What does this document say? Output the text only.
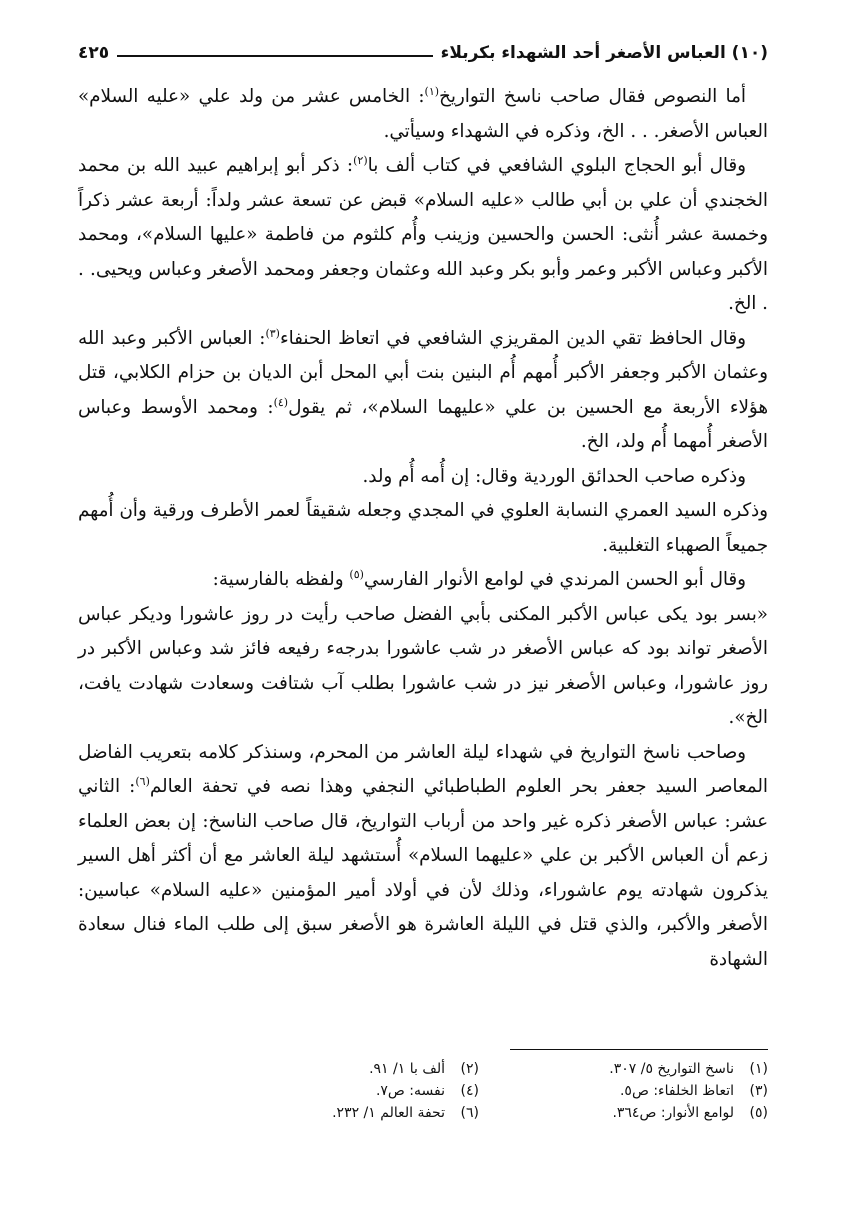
(١٠) العباس الأصغر أحد الشهداء بكربلاء
٤٢٥

أما النصوص فقال صاحب ناسخ التواريخ$^{(١)}$: الخامس عشر من ولد علي «عليه السلام» العباس الأصغر. . . الخ، وذكره في الشهداء وسيأتي.

وقال أبو الحجاج البلوي الشافعي في كتاب ألف با$^{(٢)}$: ذكر أبو إبراهيم عبيد الله بن محمد الخجندي أن علي بن أبي طالب «عليه السلام» قبض عن تسعة عشر ولداً: أربعة عشر ذكراً وخمسة عشر أُنثى: الحسن والحسين وزينب وأُم كلثوم من فاطمة «عليها السلام»، ومحمد الأكبر وعباس الأكبر وعمر وأبو بكر وعبد الله وعثمان وجعفر ومحمد الأصغر وعباس ويحيى. . . الخ.

وقال الحافظ تقي الدين المقريزي الشافعي في اتعاظ الحنفاء$^{(٣)}$: العباس الأكبر وعبد الله وعثمان الأكبر وجعفر الأكبر أُمهم أُم البنين بنت أبي المحل أبن الديان بن حزام الكلابي، قتل هؤلاء الأربعة مع الحسين بن علي «عليهما السلام»، ثم يقول$^{(٤)}$: ومحمد الأوسط وعباس الأصغر أُمهما أُم ولد، الخ.

وذكره صاحب الحدائق الوردية وقال: إن أُمه أُم ولد.

وذكره السيد العمري النسابة العلوي في المجدي وجعله شقيقاً لعمر الأطرف ورقية وأن أُمهم جميعاً الصهباء التغلبية.

وقال أبو الحسن المرندي في لوامع الأنوار الفارسي$^{(٥)}$ ولفظه بالفارسية:

«بسر بود يكى عباس الأكبر المكنى بأبي الفضل صاحب رأيت در روز عاشورا وديكر عباس الأصغر تواند بود كه عباس الأصغر در شب عاشورا بدرجهء رفيعه فائز شد وعباس الأكبر در روز عاشورا، وعباس الأصغر نيز در شب عاشورا بطلب آب شتافت وسعادت شهادت يافت، الخ».

وصاحب ناسخ التواريخ في شهداء ليلة العاشر من المحرم، وسنذكر كلامه بتعريب الفاضل المعاصر السيد جعفر بحر العلوم الطباطبائي النجفي وهذا نصه في تحفة العالم$^{(٦)}$: الثاني عشر: عباس الأصغر ذكره غير واحد من أرباب التواريخ، قال صاحب الناسخ: إن بعض العلماء زعم أن العباس الأكبر بن علي «عليهما السلام» أُستشهد ليلة العاشر مع أن أكثر أهل السير يذكرون شهادته يوم عاشوراء، وذلك لأن في أولاد أمير المؤمنين «عليه السلام» عباسين: الأصغر والأكبر، والذي قتل في الليلة العاشرة هو الأصغر سبق إلى طلب الماء فنال سعادة الشهادة

(١)ناسخ التواريخ ٥/ ٣٠٧.
(٢)ألف با ١/ ٩١.
(٣)اتعاظ الخلفاء: ص٥.
(٤)نفسه: ص٧.
(٥)لوامع الأنوار: ص٣٦٤.
(٦)تحفة العالم ١/ ٢٣٢.
